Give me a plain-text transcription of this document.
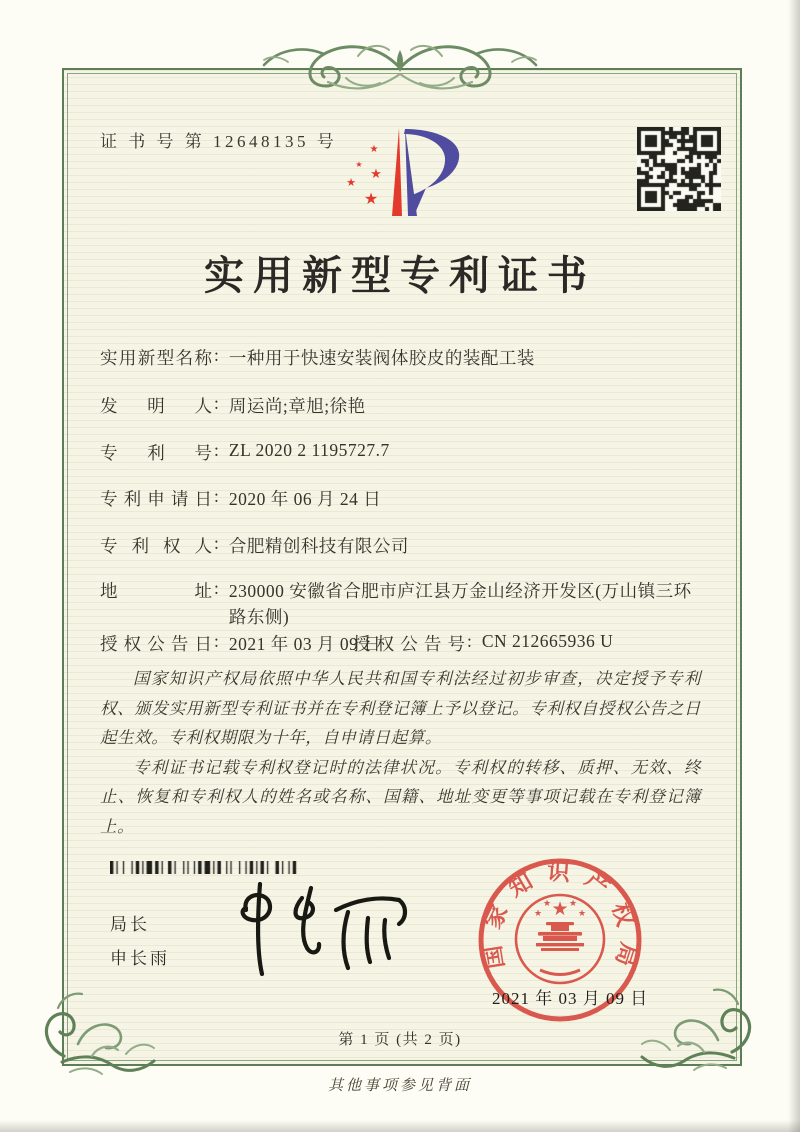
证 书 号 第 12648135 号	★
★
★
★
★
实用新型专利证书
实用新型名称 : 一种用于快速安装阀体胶皮的装配工装
发明人 : 周运尚;章旭;徐艳
专利号 : ZL 2020 2 1195727.7
专利申请日 : 2020 年 06 月 24 日
专利权人 : 合肥精创科技有限公司
地址 : 230000 安徽省合肥市庐江县万金山经济开发区(万山镇三环路东侧)
授权公告日 : 2021 年 03 月 09 日
授权公告号 : CN 212665936 U

国家知识产权局依照中华人民共和国专利法经过初步审查，决定授予专利权、颁发实用新型专利证书并在专利登记簿上予以登记。专利权自授权公告之日起生效。专利权期限为十年，自申请日起算。

专利证书记载专利权登记时的法律状况。专利权的转移、质押、无效、终止、恢复和专利权人的姓名或名称、国籍、地址变更等事项记载在专利登记簿上。

局长
申长雨
2021 年 03 月 09 日
国家知识产权局
★
★
★ ★
★
第 1 页 (共 2 页)
其他事项参见背面
